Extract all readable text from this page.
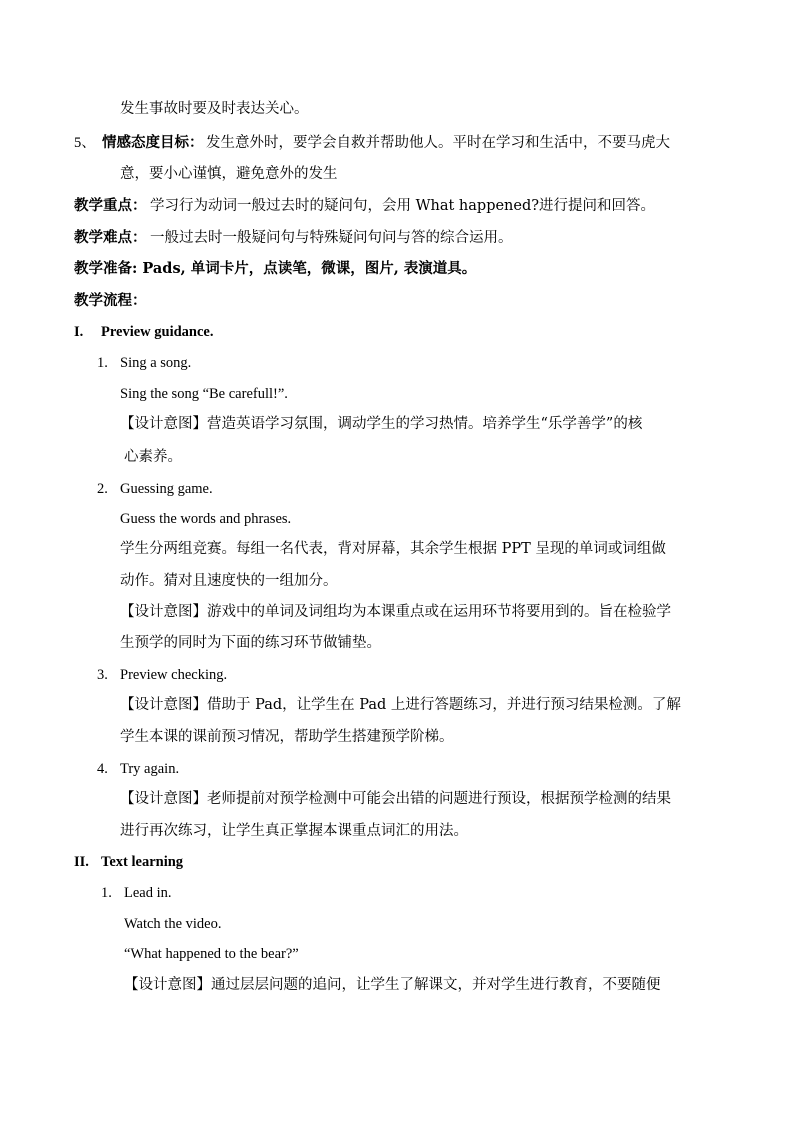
发生事故时要及时表达关心。
5、 情感态度目标： 发生意外时，要学会自救并帮助他人。平时在学习和生活中，不要马虎大
意，要小心谨慎，避免意外的发生
教学重点： 学习行为动词一般过去时的疑问句，会用 What happened?进行提问和回答。
教学难点： 一般过去时一般疑问句与特殊疑问句问与答的综合运用。
教学准备: Pads, 单词卡片，点读笔，微课，图片, 表演道具。
教学流程：
I. Preview guidance.
1. Sing a song.
Sing the song “Be carefull!”.
【设计意图】营造英语学习氛围，调动学生的学习热情。培养学生“乐学善学”的核
心素养。
2. Guessing game.
Guess the words and phrases.
学生分两组竞赛。每组一名代表，背对屏幕，其余学生根据 PPT 呈现的单词或词组做
动作。猜对且速度快的一组加分。
【设计意图】游戏中的单词及词组均为本课重点或在运用环节将要用到的。旨在检验学
生预学的同时为下面的练习环节做铺垫。
3. Preview checking.
【设计意图】借助于 Pad，让学生在 Pad 上进行答题练习，并进行预习结果检测。了解
学生本课的课前预习情况，帮助学生搭建预学阶梯。
4. Try again.
【设计意图】老师提前对预学检测中可能会出错的问题进行预设，根据预学检测的结果
进行再次练习，让学生真正掌握本课重点词汇的用法。
II. Text learning
1. Lead in.
Watch the video.
“What happened to the bear?”
【设计意图】通过层层问题的追问，让学生了解课文，并对学生进行教育，不要随便
